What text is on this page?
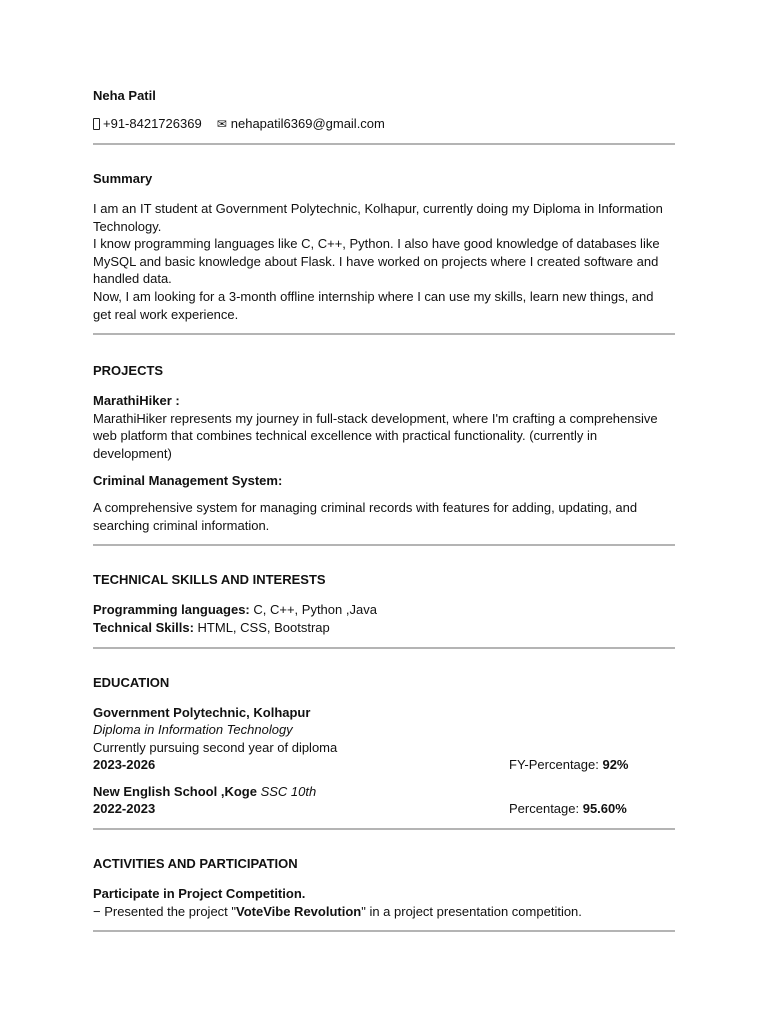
Neha Patil
+91-8421726369 ✉ nehapatil6369@gmail.com
Summary

I am an IT student at Government Polytechnic, Kolhapur, currently doing my Diploma in Information Technology.

I know programming languages like C, C++, Python. I also have good knowledge of databases like MySQL and basic knowledge about Flask. I have worked on projects where I created software and handled data.

Now, I am looking for a 3-month offline internship where I can use my skills, learn new things, and get real work experience.

PROJECTS

MarathiHiker :

MarathiHiker represents my journey in full-stack development, where I'm crafting a comprehensive web platform that combines technical excellence with practical functionality. (currently in development)

Criminal Management System:

A comprehensive system for managing criminal records with features for adding, updating, and searching criminal information.

TECHNICAL SKILLS AND INTERESTS

Programming languages: C, C++, Python ,Java

Technical Skills: HTML, CSS, Bootstrap

EDUCATION

Government Polytechnic, Kolhapur

Diploma in Information Technology

Currently pursuing second year of diploma

2023-2026	FY-Percentage: 92%

New English School ,Koge SSC 10th

2022-2023	Percentage: 95.60%
ACTIVITIES AND PARTICIPATION

Participate in Project Competition.

− Presented the project "VoteVibe Revolution" in a project presentation competition.
